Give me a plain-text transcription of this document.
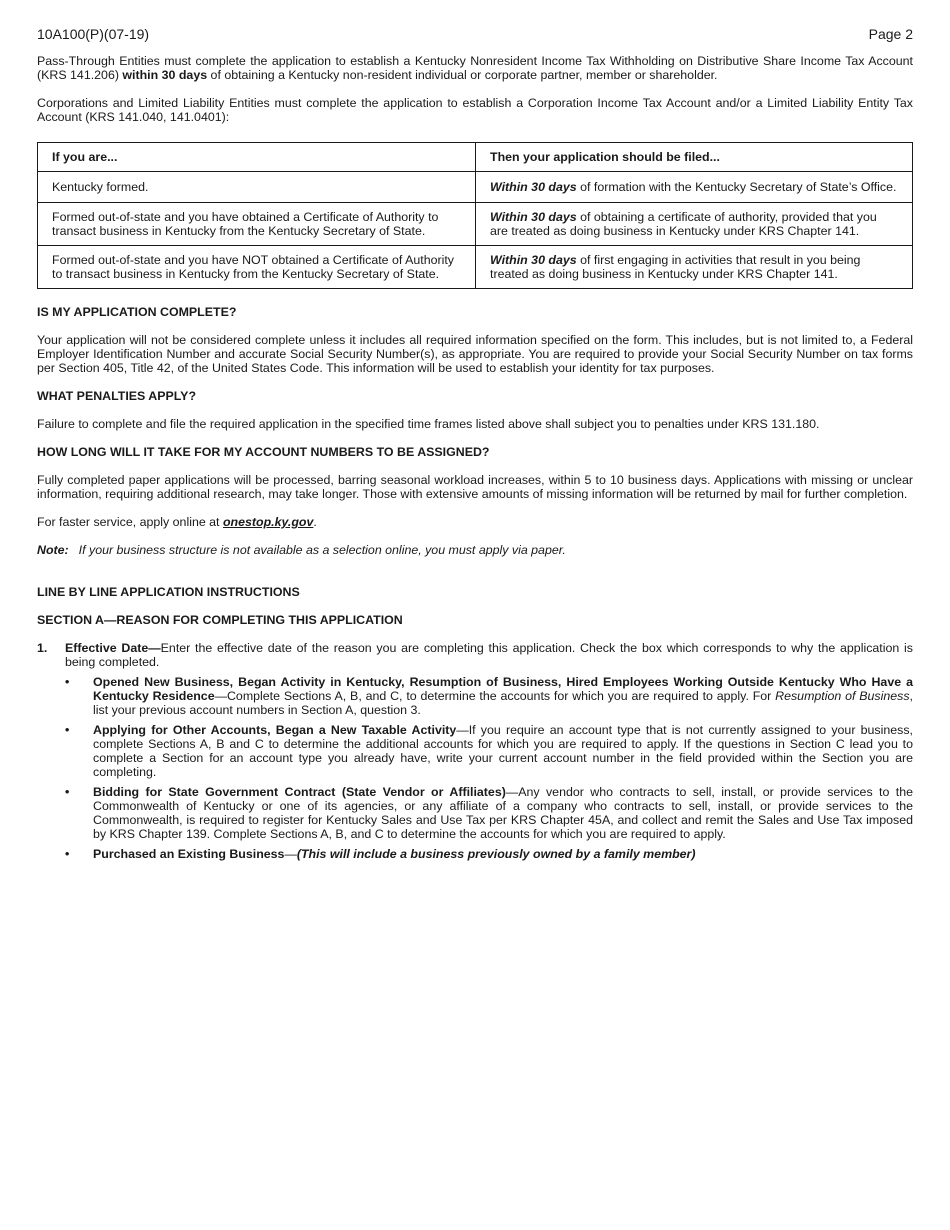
10A100(P)(07-19)	Page 2

Pass-Through Entities must complete the application to establish a Kentucky Nonresident Income Tax Withholding on Distributive Share Income Tax Account (KRS 141.206) within 30 days of obtaining a Kentucky non-resident individual or corporate partner, member or shareholder.

Corporations and Limited Liability Entities must complete the application to establish a Corporation Income Tax Account and/or a Limited Liability Entity Tax Account (KRS 141.040, 141.0401):

If you are...	Then your application should be filed...
Kentucky formed.	Within 30 days of formation with the Kentucky Secretary of State’s Office.
Formed out-of-state and you have obtained a Certificate of Authority to transact business in Kentucky from the Kentucky Secretary of State.	Within 30 days of obtaining a certificate of authority, provided that you are treated as doing business in Kentucky under KRS Chapter 141.
Formed out-of-state and you have NOT obtained a Certificate of Authority to transact business in Kentucky from the Kentucky Secretary of State.	Within 30 days of first engaging in activities that result in you being treated as doing business in Kentucky under KRS Chapter 141.
IS MY APPLICATION COMPLETE?

Your application will not be considered complete unless it includes all required information specified on the form. This includes, but is not limited to, a Federal Employer Identification Number and accurate Social Security Number(s), as appropriate. You are required to provide your Social Security Number on tax forms per Section 405, Title 42, of the United States Code. This information will be used to establish your identity for tax purposes.

WHAT PENALTIES APPLY?

Failure to complete and file the required application in the specified time frames listed above shall subject you to penalties under KRS 131.180.

HOW LONG WILL IT TAKE FOR MY ACCOUNT NUMBERS TO BE ASSIGNED?

Fully completed paper applications will be processed, barring seasonal workload increases, within 5 to 10 business days. Applications with missing or unclear information, requiring additional research, may take longer. Those with extensive amounts of missing information will be returned by mail for further completion.

For faster service, apply online at onestop.ky.gov.

Note: If your business structure is not available as a selection online, you must apply via paper.

LINE BY LINE APPLICATION INSTRUCTIONS
SECTION A—REASON FOR COMPLETING THIS APPLICATION
1.	Effective Date—Enter the effective date of the reason you are completing this application. Check the box which corresponds to why the application is being completed.
•	Opened New Business, Began Activity in Kentucky, Resumption of Business, Hired Employees Working Outside Kentucky Who Have a Kentucky Residence—Complete Sections A, B, and C, to determine the accounts for which you are required to apply. For Resumption of Business, list your previous account numbers in Section A, question 3.
•	Applying for Other Accounts, Began a New Taxable Activity—If you require an account type that is not currently assigned to your business, complete Sections A, B and C to determine the additional accounts for which you are required to apply. If the questions in Section C lead you to complete a Section for an account type you already have, write your current account number in the field provided within the Section you are completing.
•	Bidding for State Government Contract (State Vendor or Affiliates)—Any vendor who contracts to sell, install, or provide services to the Commonwealth of Kentucky or one of its agencies, or any affiliate of a company who contracts to sell, install, or provide services to the Commonwealth, is required to register for Kentucky Sales and Use Tax per KRS Chapter 45A, and collect and remit the Sales and Use Tax imposed by KRS Chapter 139. Complete Sections A, B, and C to determine the accounts for which you are required to apply.
•	Purchased an Existing Business—(This will include a business previously owned by a family member)
